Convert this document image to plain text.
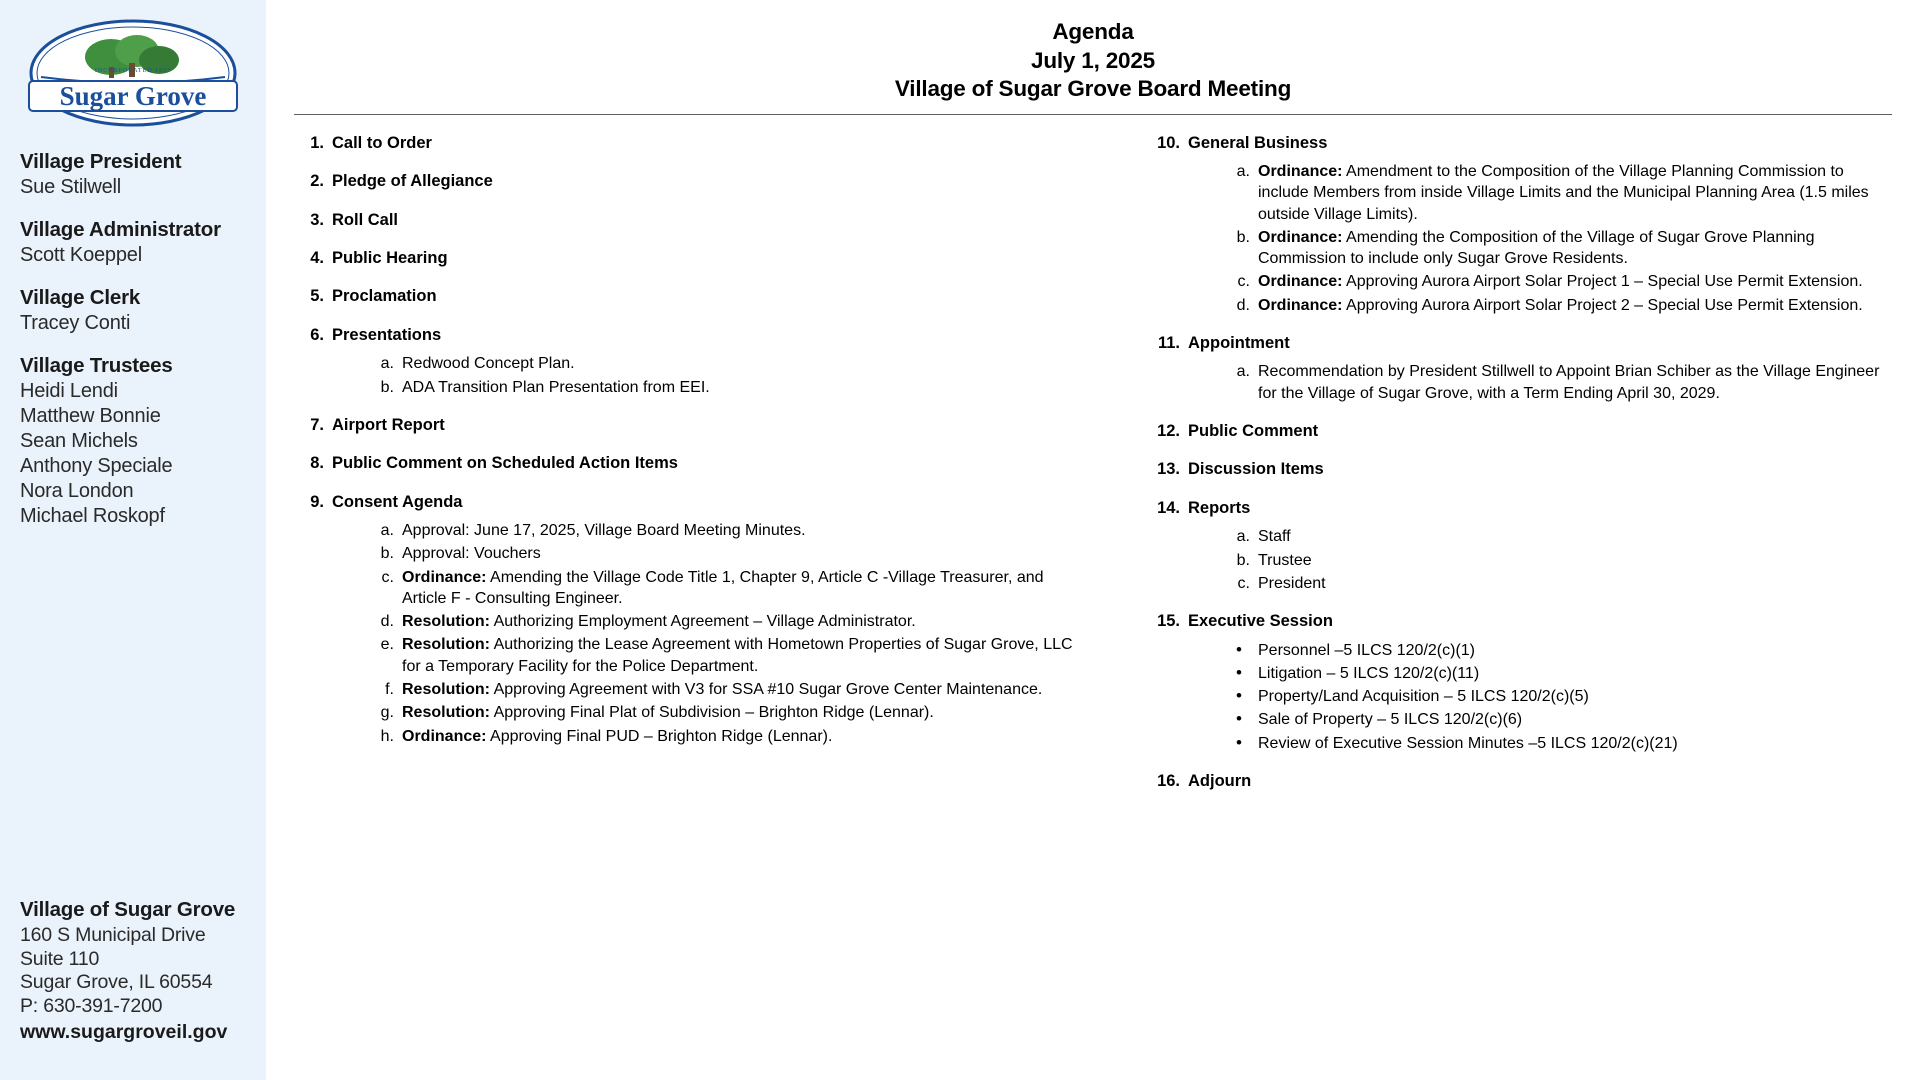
INCORPORATED 1957
Sugar Grove
Village President
Sue Stilwell
Village Administrator
Scott Koeppel
Village Clerk
Tracey Conti
Village Trustees
Heidi Lendi
Matthew Bonnie
Sean Michels
Anthony Speciale
Nora London
Michael Roskopf
Village of Sugar Grove
160 S Municipal Drive
Suite 110
Sugar Grove, IL 60554
P: 630-391-7200
www.sugargroveil.gov
Agenda
July 1, 2025
Village of Sugar Grove Board Meeting
1. Call to Order
2. Pledge of Allegiance
3. Roll Call
4. Public Hearing
5. Proclamation
6. Presentations
a. Redwood Concept Plan.
b. ADA Transition Plan Presentation from EEI.
7. Airport Report
8. Public Comment on Scheduled Action Items
9. Consent Agenda
a. Approval: June 17, 2025, Village Board Meeting Minutes.
b. Approval: Vouchers
c. Ordinance: Amending the Village Code Title 1, Chapter 9, Article C -Village Treasurer, and Article F - Consulting Engineer.
d. Resolution: Authorizing Employment Agreement – Village Administrator.
e. Resolution: Authorizing the Lease Agreement with Hometown Properties of Sugar Grove, LLC for a Temporary Facility for the Police Department.
f. Resolution: Approving Agreement with V3 for SSA #10 Sugar Grove Center Maintenance.
g. Resolution: Approving Final Plat of Subdivision – Brighton Ridge (Lennar).
h. Ordinance: Approving Final PUD – Brighton Ridge (Lennar).
10. General Business
a. Ordinance: Amendment to the Composition of the Village Planning Commission to include Members from inside Village Limits and the Municipal Planning Area (1.5 miles outside Village Limits).
b. Ordinance: Amending the Composition of the Village of Sugar Grove Planning Commission to include only Sugar Grove Residents.
c. Ordinance: Approving Aurora Airport Solar Project 1 – Special Use Permit Extension.
d. Ordinance: Approving Aurora Airport Solar Project 2 – Special Use Permit Extension.
11. Appointment
a. Recommendation by President Stillwell to Appoint Brian Schiber as the Village Engineer for the Village of Sugar Grove, with a Term Ending April 30, 2029.
12. Public Comment
13. Discussion Items
14. Reports
a. Staff
b. Trustee
c. President
15. Executive Session
• Personnel –5 ILCS 120/2(c)(1)
• Litigation – 5 ILCS 120/2(c)(11)
• Property/Land Acquisition – 5 ILCS 120/2(c)(5)
• Sale of Property – 5 ILCS 120/2(c)(6)
• Review of Executive Session Minutes –5 ILCS 120/2(c)(21)
16. Adjourn
